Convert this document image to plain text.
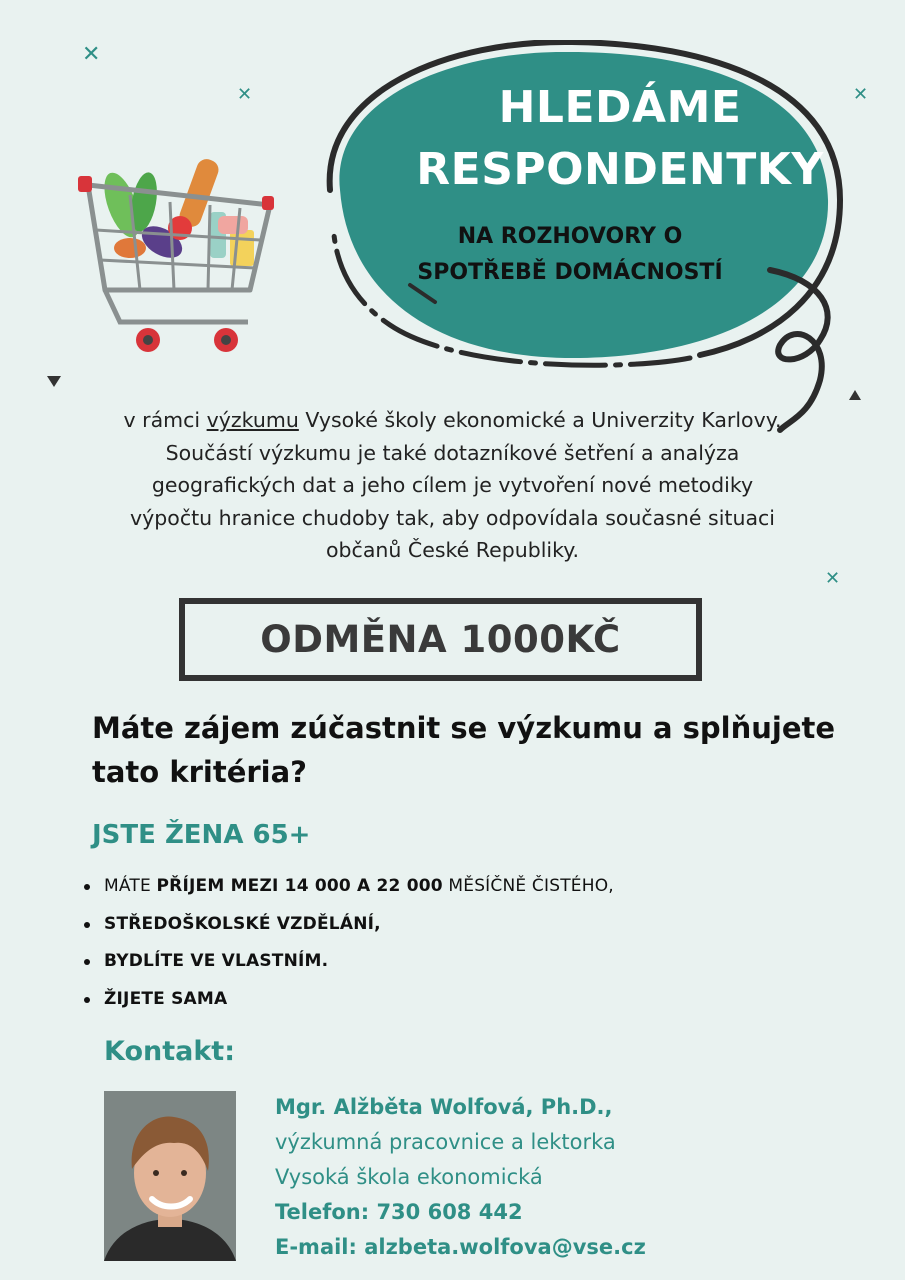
✕
✕	✕
✕
HLEDÁME
RESPONDENTKY
NA ROZHOVORY O
SPOTŘEBĚ DOMÁCNOSTÍ
v rámci výzkumu Vysoké školy ekonomické a Univerzity Karlovy. Součástí výzkumu je také dotazníkové šetření a analýza geografických dat a jeho cílem je vytvoření nové metodiky výpočtu hranice chudoby tak, aby odpovídala současné situaci občanů České Republiky.
ODMĚNA 1000KČ
Máte zájem zúčastnit se výzkumu a splňujete tato kritéria?
JSTE ŽENA 65+
MÁTE PŘÍJEM MEZI 14 000 A 22 000 MĚSÍČNĚ ČISTÉHO,
STŘEDOŠKOLSKÉ VZDĚLÁNÍ,
BYDLÍTE VE VLASTNÍM.
ŽIJETE SAMA
Kontakt:
Mgr. Alžběta Wolfová, Ph.D.,
výzkumná pracovnice a lektorka
Vysoká škola ekonomická
Telefon: 730 608 442
E-mail: alzbeta.wolfova@vse.cz
